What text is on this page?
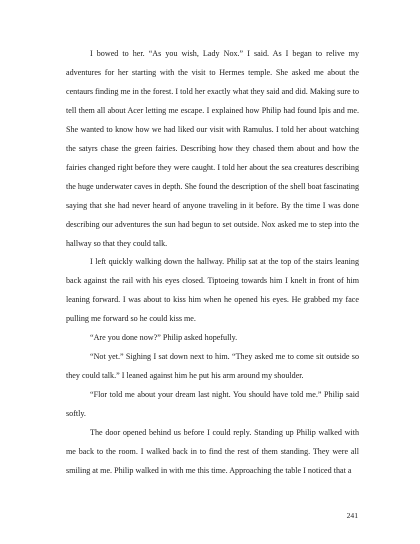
I bowed to her. “As you wish, Lady Nox.” I said. As I began to relive my adventures for her starting with the visit to Hermes temple. She asked me about the centaurs finding me in the forest. I told her exactly what they said and did. Making sure to tell them all about Acer letting me escape. I explained how Philip had found Ipis and me. She wanted to know how we had liked our visit with Ramulus. I told her about watching the satyrs chase the green fairies. Describing how they chased them about and how the fairies changed right before they were caught. I told her about the sea creatures describing the huge underwater caves in depth. She found the description of the shell boat fascinating saying that she had never heard of anyone traveling in it before. By the time I was done describing our adventures the sun had begun to set outside. Nox asked me to step into the hallway so that they could talk.

I left quickly walking down the hallway. Philip sat at the top of the stairs leaning back against the rail with his eyes closed. Tiptoeing towards him I knelt in front of him leaning forward. I was about to kiss him when he opened his eyes. He grabbed my face pulling me forward so he could kiss me.

“Are you done now?” Philip asked hopefully.

“Not yet.” Sighing I sat down next to him. “They asked me to come sit outside so they could talk.” I leaned against him he put his arm around my shoulder.

“Flor told me about your dream last night. You should have told me.” Philip said softly.

The door opened behind us before I could reply. Standing up Philip walked with me back to the room. I walked back in to find the rest of them standing. They were all smiling at me. Philip walked in with me this time. Approaching the table I noticed that a

241
